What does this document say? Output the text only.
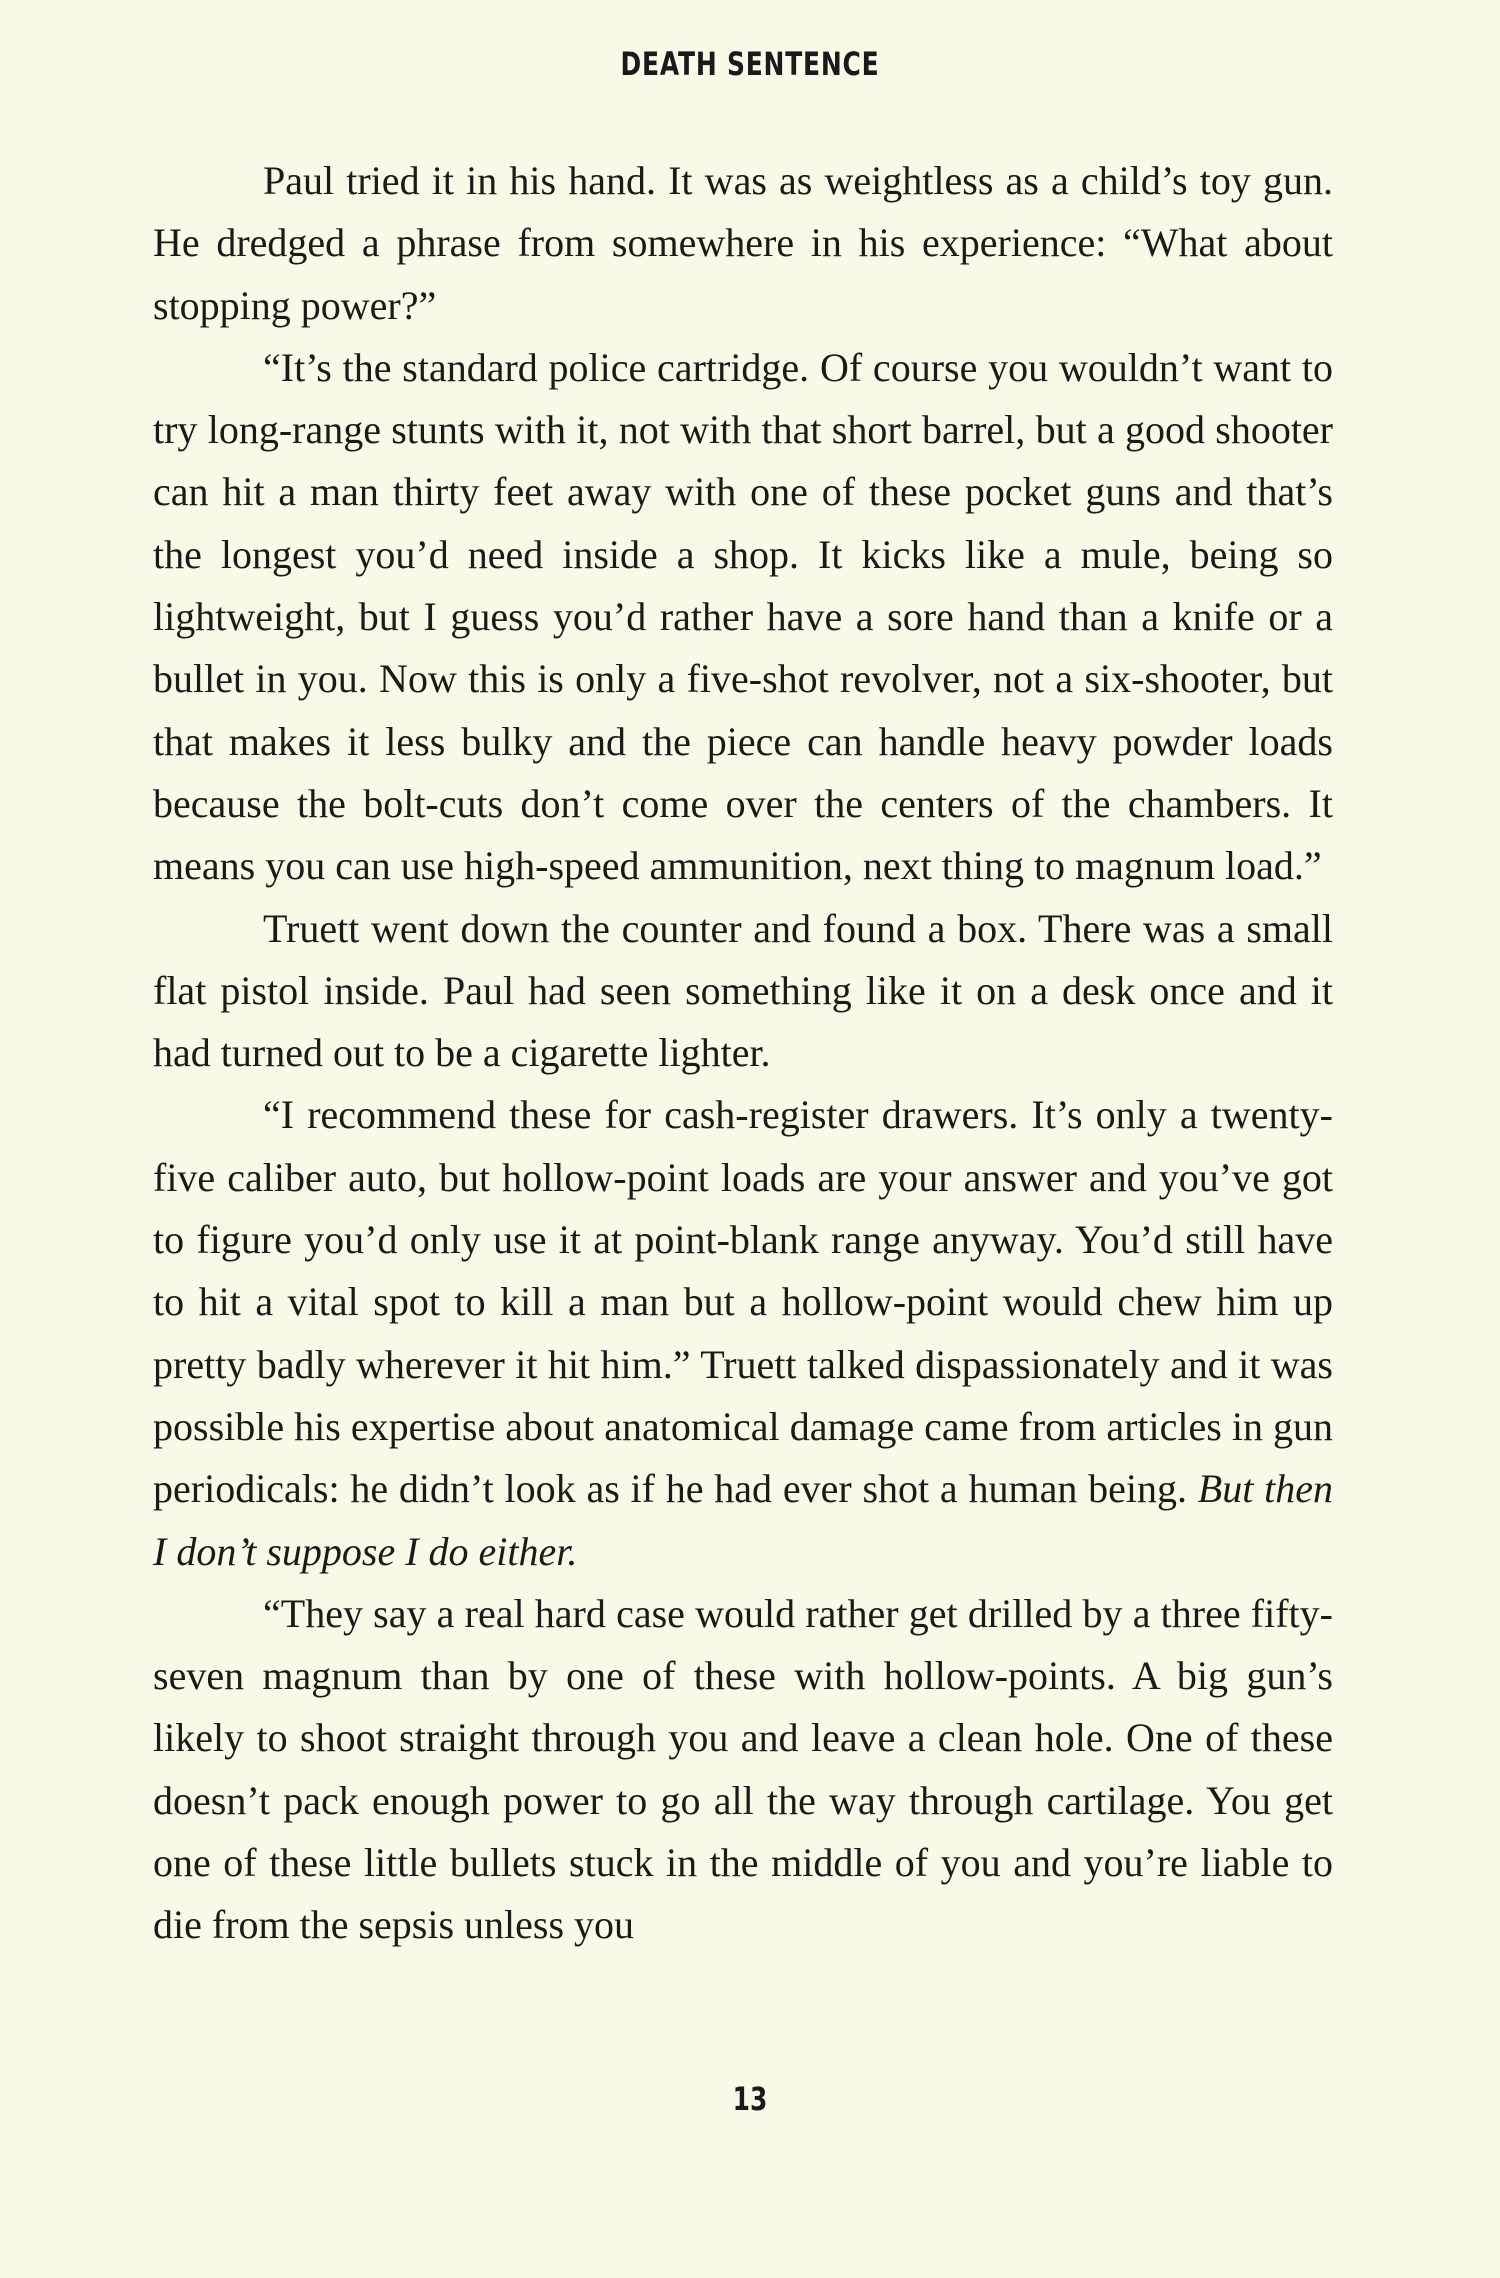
DEATH SENTENCE

Paul tried it in his hand. It was as weightless as a child’s toy gun. He dredged a phrase from somewhere in his experience: “What about stopping power?”

“It’s the standard police cartridge. Of course you wouldn’t want to try long-range stunts with it, not with that short barrel, but a good shooter can hit a man thirty feet away with one of these pocket guns and that’s the longest you’d need inside a shop. It kicks like a mule, being so lightweight, but I guess you’d rather have a sore hand than a knife or a bullet in you. Now this is only a five-shot revolver, not a six-shooter, but that makes it less bulky and the piece can handle heavy powder loads because the bolt-cuts don’t come over the centers of the chambers. It means you can use high-speed ammunition, next thing to magnum load.”

Truett went down the counter and found a box. There was a small flat pistol inside. Paul had seen something like it on a desk once and it had turned out to be a cigarette lighter.

“I recommend these for cash-register drawers. It’s only a twenty-five caliber auto, but hollow-point loads are your answer and you’ve got to figure you’d only use it at point-blank range anyway. You’d still have to hit a vital spot to kill a man but a hollow-point would chew him up pretty badly wherever it hit him.” Truett talked dispassionately and it was possible his expertise about anatomical damage came from articles in gun periodicals: he didn’t look as if he had ever shot a human being. But then I don’t suppose I do either.

“They say a real hard case would rather get drilled by a three fifty-seven magnum than by one of these with hollow-points. A big gun’s likely to shoot straight through you and leave a clean hole. One of these doesn’t pack enough power to go all the way through cartilage. You get one of these little bullets stuck in the middle of you and you’re liable to die from the sepsis unless you

13
